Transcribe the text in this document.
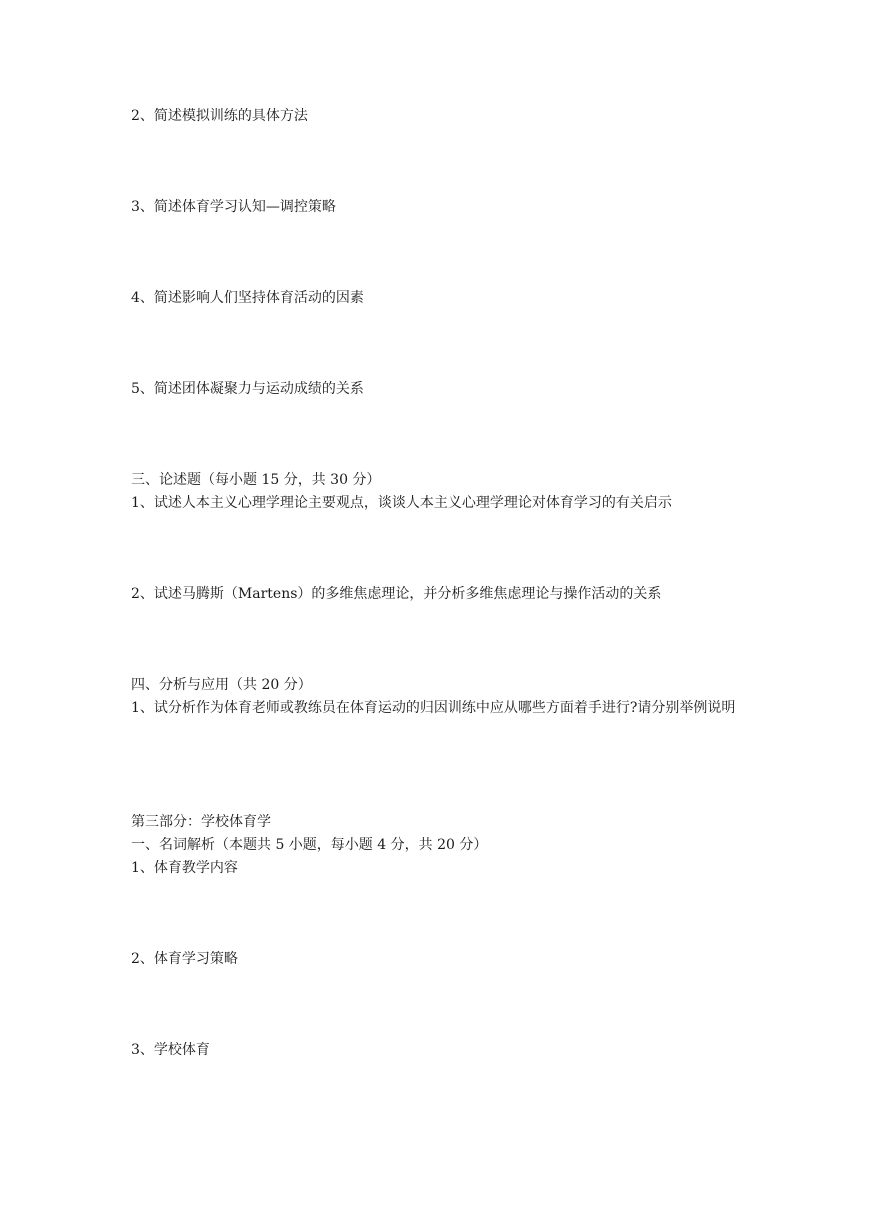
2、简述模拟训练的具体方法
3、简述体育学习认知—调控策略
4、简述影响人们坚持体育活动的因素
5、简述团体凝聚力与运动成绩的关系
三、论述题（每小题 15 分，共 30 分）
1、试述人本主义心理学理论主要观点，谈谈人本主义心理学理论对体育学习的有关启示
2、试述马腾斯（Martens）的多维焦虑理论，并分析多维焦虑理论与操作活动的关系
四、分析与应用（共 20 分）
1、试分析作为体育老师或教练员在体育运动的归因训练中应从哪些方面着手进行?请分别举例说明
第三部分：学校体育学
一、名词解析（本题共 5 小题，每小题 4 分，共 20 分）
1、体育教学内容
2、体育学习策略
3、学校体育
